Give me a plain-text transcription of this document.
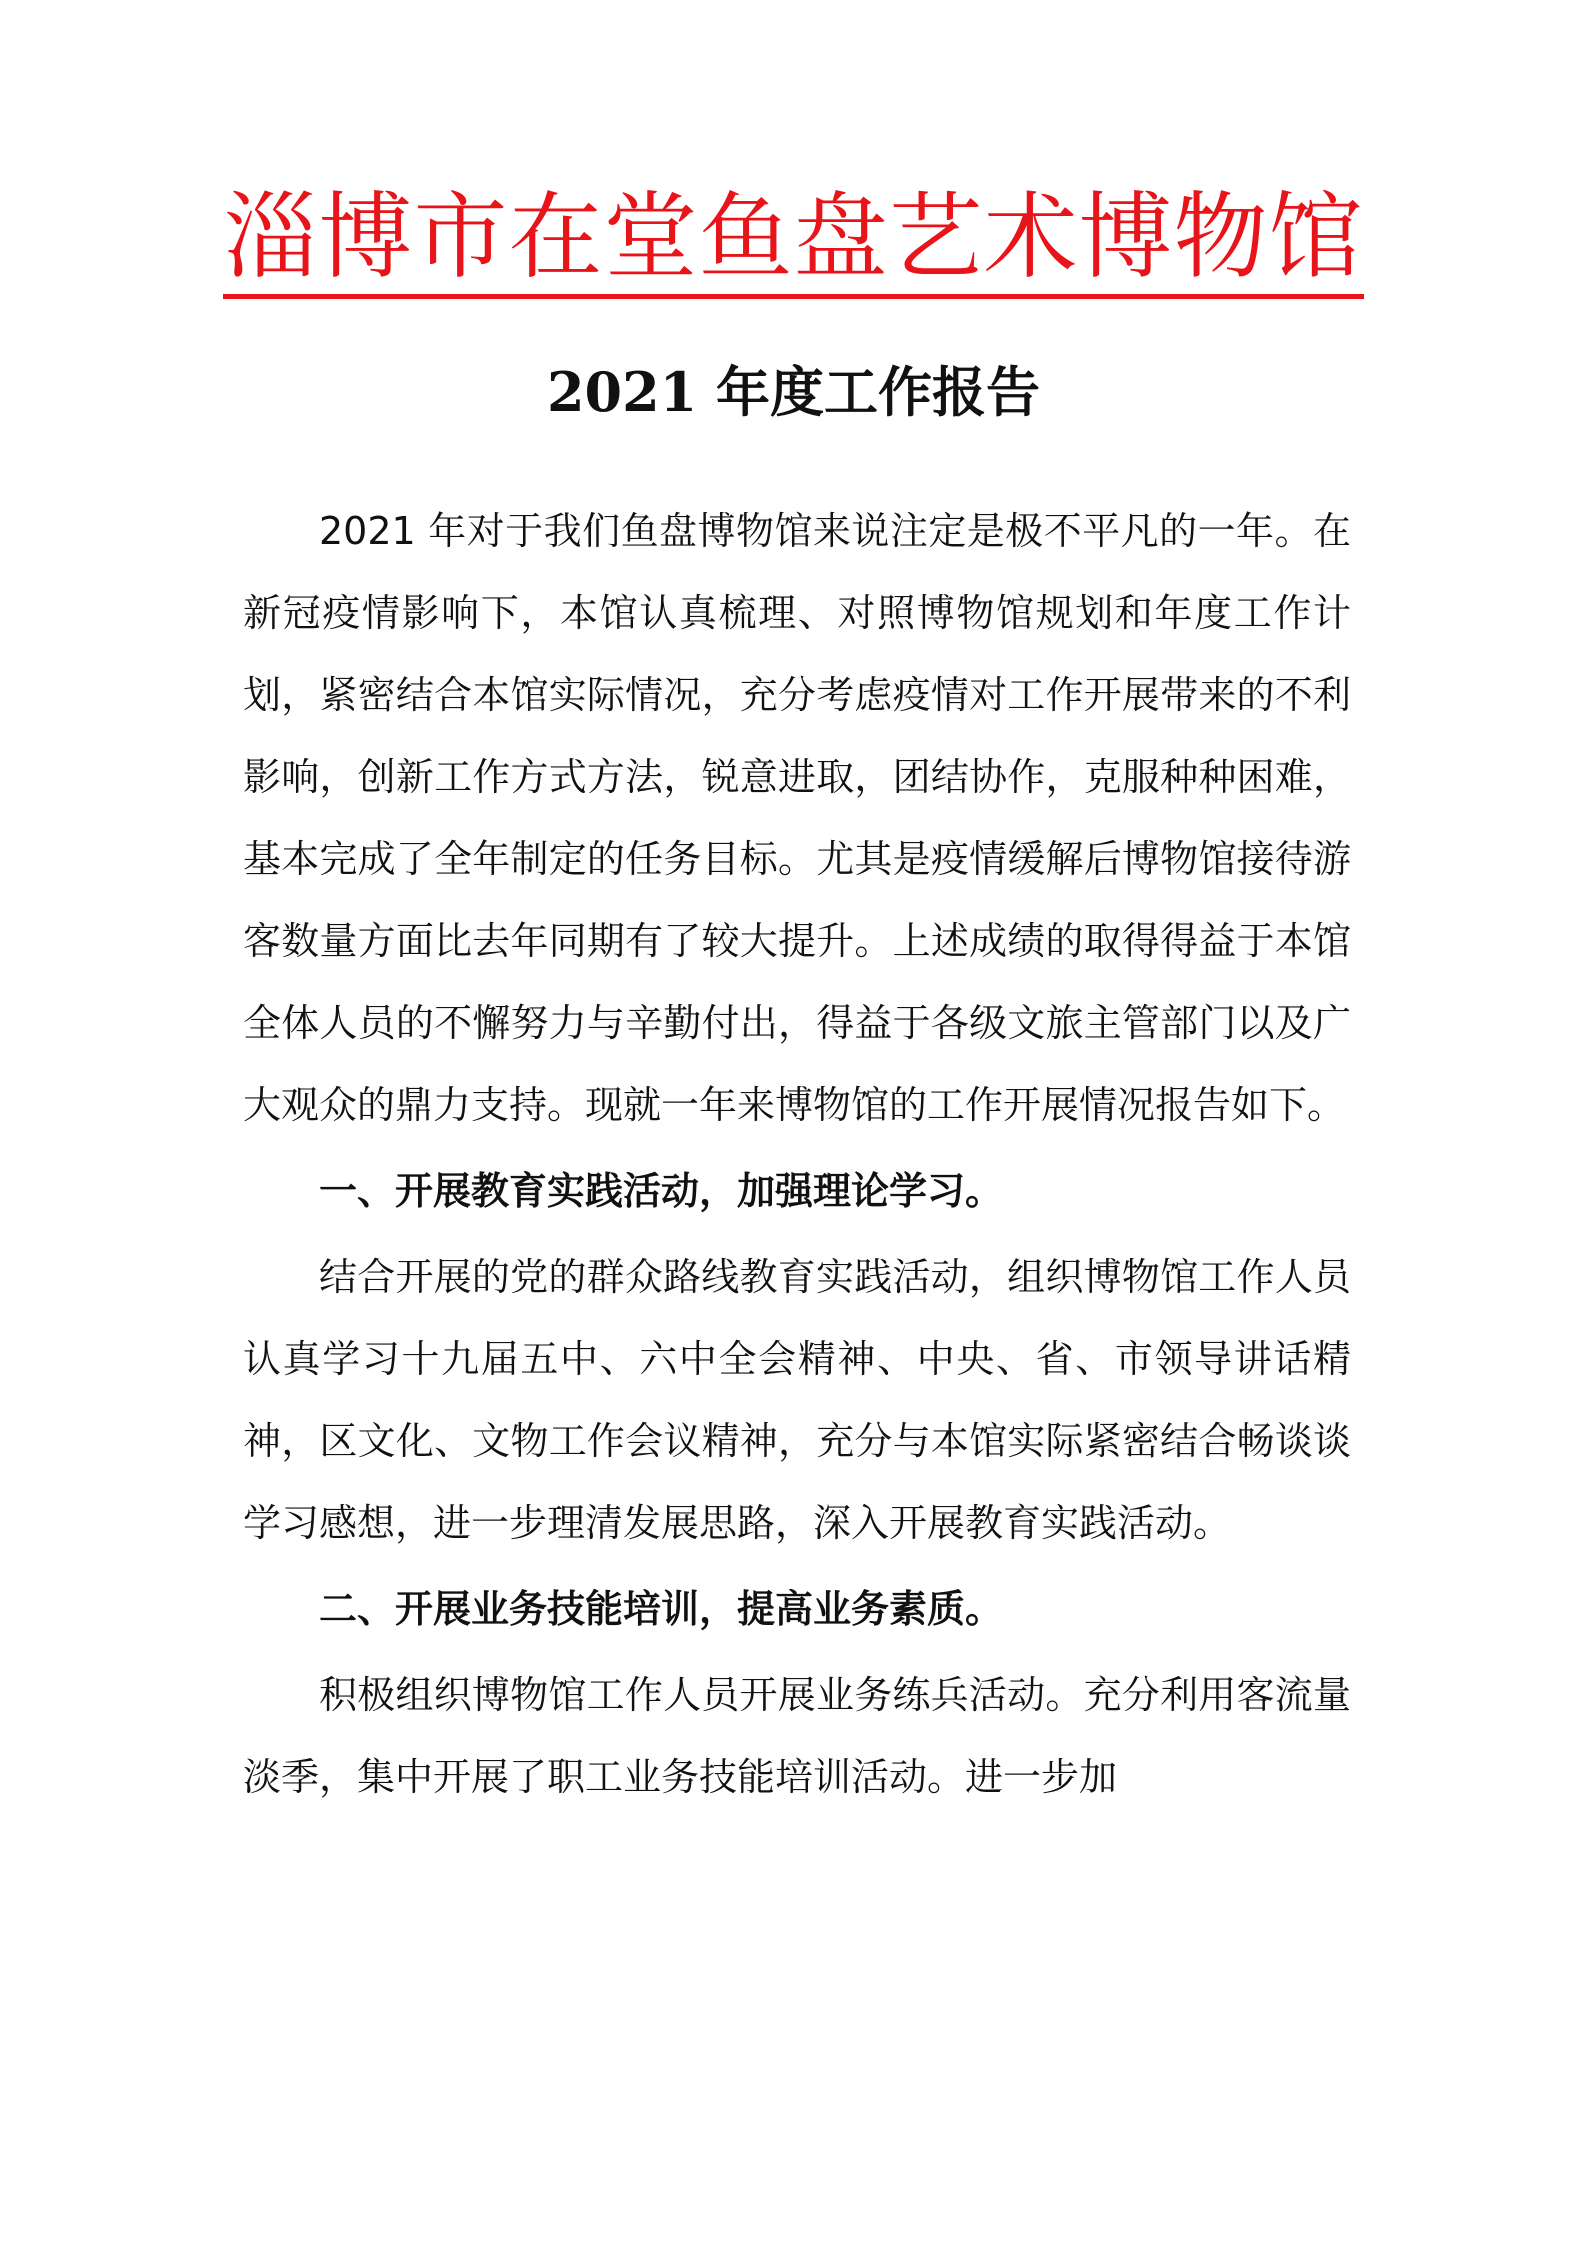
淄博市在堂鱼盘艺术博物馆
2021 年度工作报告

2021 年对于我们鱼盘博物馆来说注定是极不平凡的一年。在新冠疫情影响下，本馆认真梳理、对照博物馆规划和年度工作计划，紧密结合本馆实际情况，充分考虑疫情对工作开展带来的不利影响，创新工作方式方法，锐意进取，团结协作，克服种种困难，基本完成了全年制定的任务目标。尤其是疫情缓解后博物馆接待游客数量方面比去年同期有了较大提升。上述成绩的取得得益于本馆全体人员的不懈努力与辛勤付出，得益于各级文旅主管部门以及广大观众的鼎力支持。现就一年来博物馆的工作开展情况报告如下。

一、开展教育实践活动，加强理论学习。

结合开展的党的群众路线教育实践活动，组织博物馆工作人员认真学习十九届五中、六中全会精神、中央、省、市领导讲话精神，区文化、文物工作会议精神，充分与本馆实际紧密结合畅谈谈学习感想，进一步理清发展思路，深入开展教育实践活动。

二、开展业务技能培训，提高业务素质。

积极组织博物馆工作人员开展业务练兵活动。充分利用客流量淡季，集中开展了职工业务技能培训活动。进一步加
